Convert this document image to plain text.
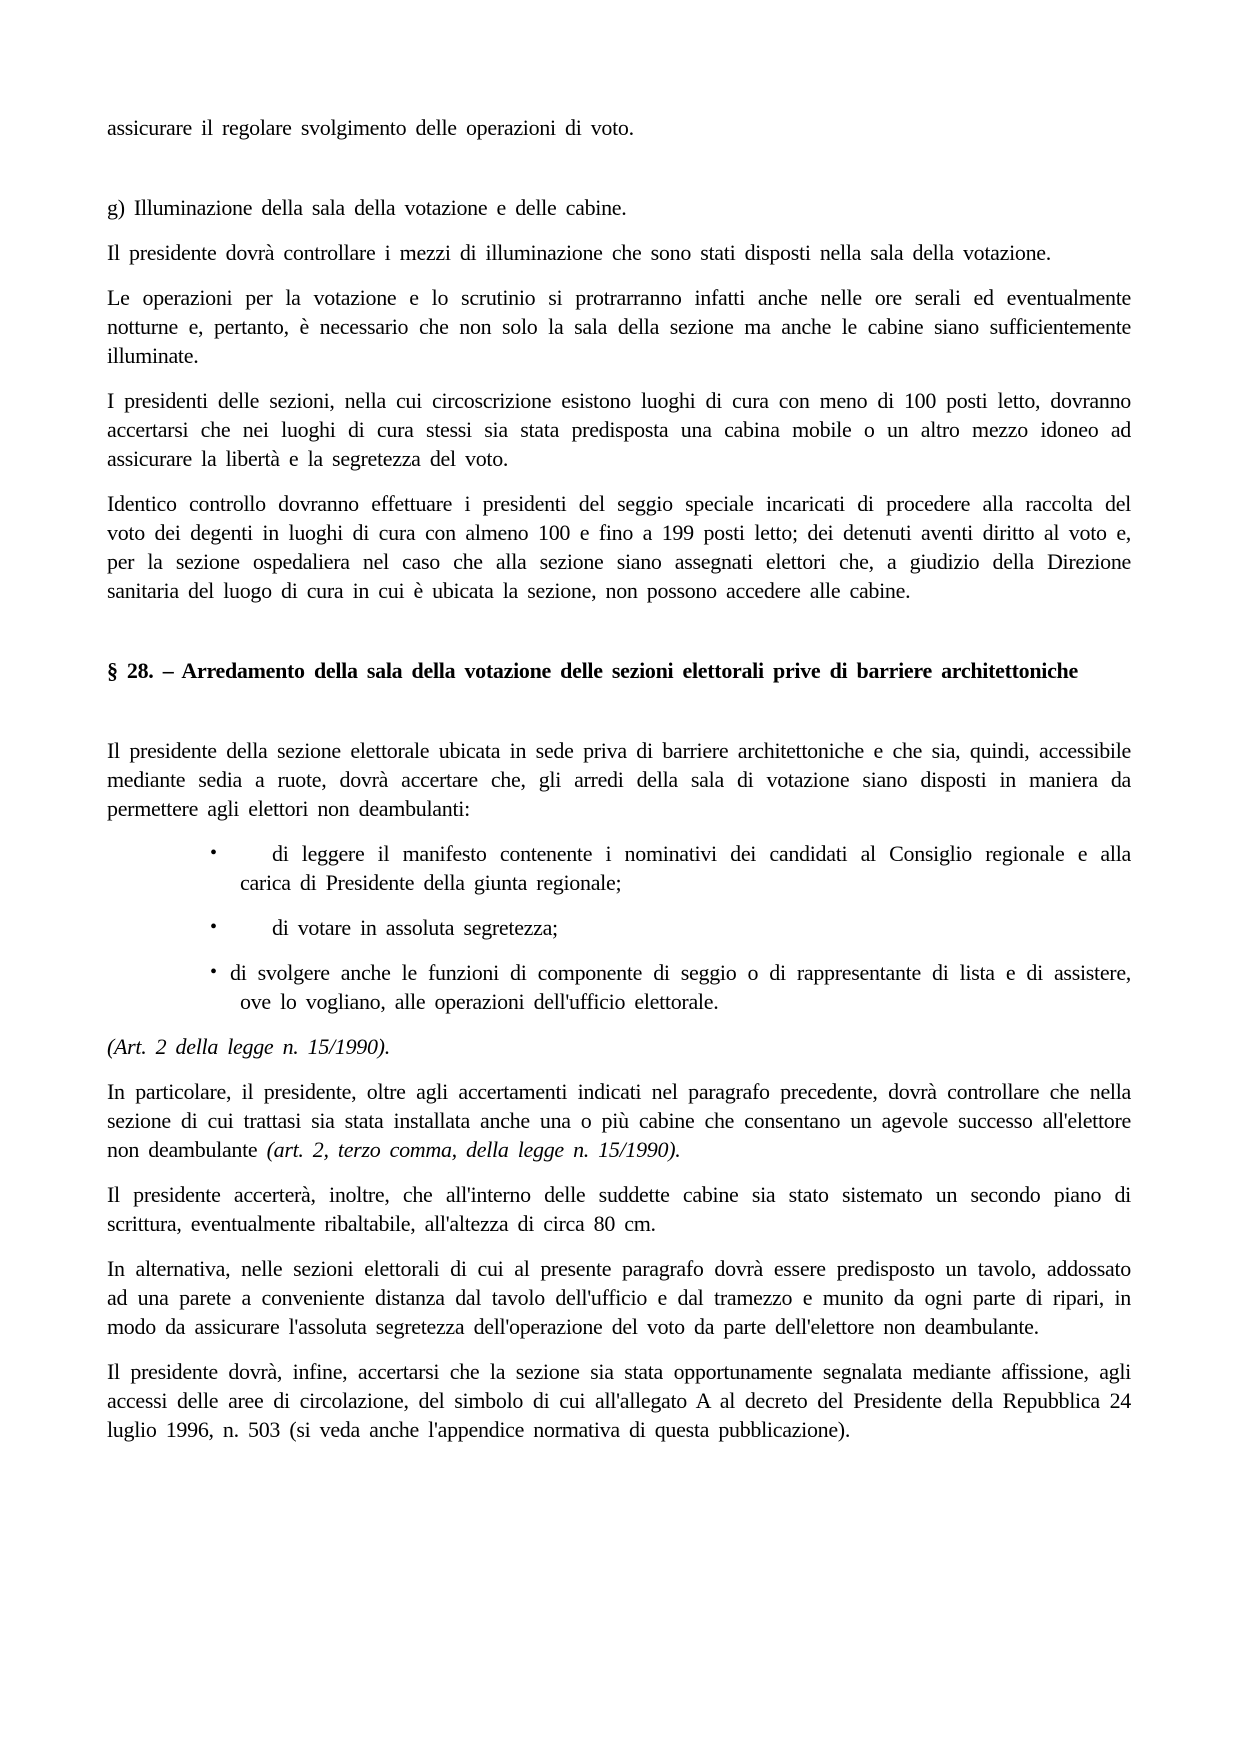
assicurare il regolare svolgimento delle operazioni di voto.
g) Illuminazione della sala della votazione e delle cabine.
Il presidente dovrà controllare i mezzi di illuminazione che sono stati disposti nella sala della votazione.
Le operazioni per la votazione e lo scrutinio si protrarranno infatti anche nelle ore serali ed eventualmente notturne e, pertanto, è necessario che non solo la sala della sezione ma anche le cabine siano sufficientemente illuminate.
I presidenti delle sezioni, nella cui circoscrizione esistono luoghi di cura con meno di 100 posti letto, dovranno accertarsi che nei luoghi di cura stessi sia stata predisposta una cabina mobile o un altro mezzo idoneo ad assicurare la libertà e la segretezza del voto.
Identico controllo dovranno effettuare i presidenti del seggio speciale incaricati di procedere alla raccolta del voto dei degenti in luoghi di cura con almeno 100 e fino a 199 posti letto; dei detenuti aventi diritto al voto e, per la sezione ospedaliera nel caso che alla sezione siano assegnati elettori che, a giudizio della Direzione sanitaria del luogo di cura in cui è ubicata la sezione, non possono accedere alle cabine.
§ 28. – Arredamento della sala della votazione delle sezioni elettorali prive di barriere architettoniche
Il presidente della sezione elettorale ubicata in sede priva di barriere architettoniche e che sia, quindi, accessibile mediante sedia a ruote, dovrà accertare che, gli arredi della sala di votazione siano disposti in maniera da permettere agli elettori non deambulanti:
•	di leggere il manifesto contenente i nominativi dei candidati al Consiglio regionale e alla carica di Presidente della giunta regionale;
•	di votare in assoluta segretezza;
• di svolgere anche le funzioni di componente di seggio o di rappresentante di lista e di assistere, ove lo vogliano, alle operazioni dell'ufficio elettorale.
(Art. 2 della legge n. 15/1990).
In particolare, il presidente, oltre agli accertamenti indicati nel paragrafo precedente, dovrà controllare che nella sezione di cui trattasi sia stata installata anche una o più cabine che consentano un agevole successo all'elettore non deambulante (art. 2, terzo comma, della legge n. 15/1990).
Il presidente accerterà, inoltre, che all'interno delle suddette cabine sia stato sistemato un secondo piano di scrittura, eventualmente ribaltabile, all'altezza di circa 80 cm.
In alternativa, nelle sezioni elettorali di cui al presente paragrafo dovrà essere predisposto un tavolo, addossato ad una parete a conveniente distanza dal tavolo dell'ufficio e dal tramezzo e munito da ogni parte di ripari, in modo da assicurare l'assoluta segretezza dell'operazione del voto da parte dell'elettore non deambulante.
Il presidente dovrà, infine, accertarsi che la sezione sia stata opportunamente segnalata mediante affissione, agli accessi delle aree di circolazione, del simbolo di cui all'allegato A al decreto del Presidente della Repubblica 24 luglio 1996, n. 503 (si veda anche l'appendice normativa di questa pubblicazione).
